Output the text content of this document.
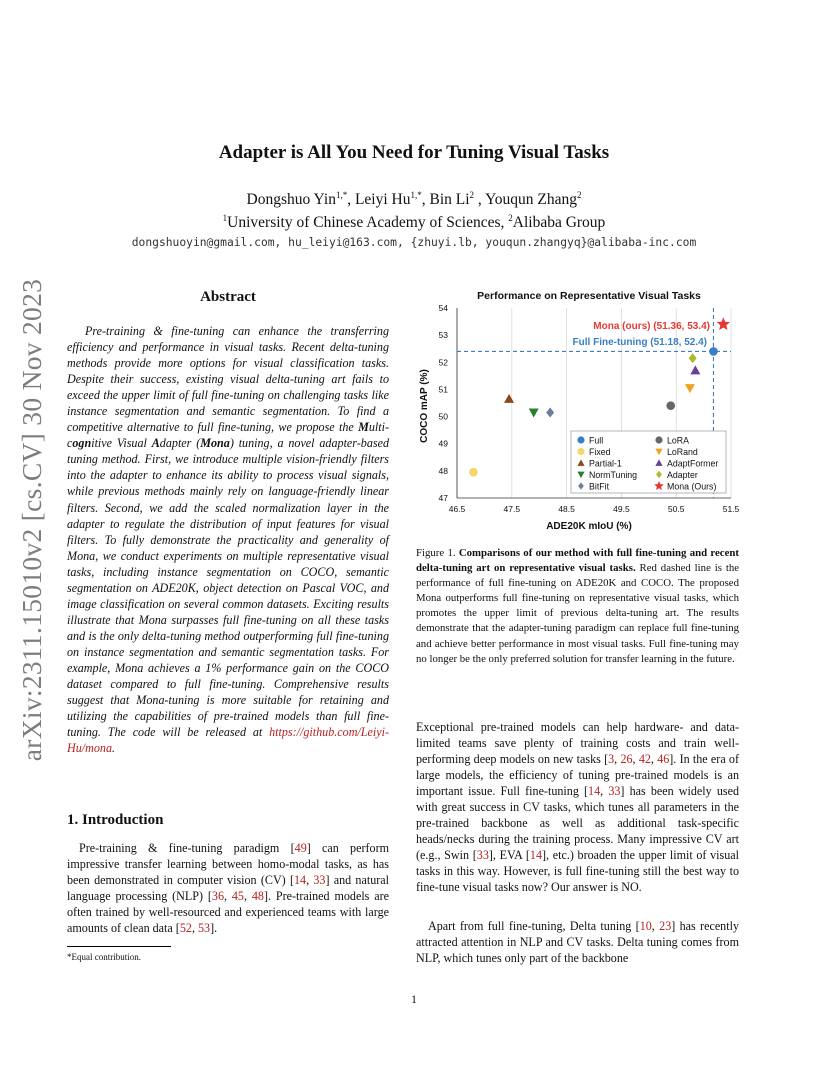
arXiv:2311.15010v2 [cs.CV] 30 Nov 2023
Adapter is All You Need for Tuning Visual Tasks
Dongshuo Yin$^{1,*}$, Leiyi $Hu^{1,*}$, Bin Li$^2$ , Youqun Zhang$^2$
$^1$University of Chinese Academy of Sciences, $^2$Alibaba Group
dongshuoyin@gmail.com, hu_leiyi@163.com, {zhuyi.lb, youqun.zhangyq}@alibaba-inc.com
Abstract
Pre-training & fine-tuning can enhance the transferring efficiency and performance in visual tasks. Recent delta-tuning methods provide more options for visual classification tasks. Despite their success, existing visual delta-tuning art fails to exceed the upper limit of full fine-tuning on challenging tasks like instance segmentation and semantic segmentation. To find a competitive alternative to full fine-tuning, we propose the Multi-cognitive Visual Adapter (Mona) tuning, a novel adapter-based tuning method. First, we introduce multiple vision-friendly filters into the adapter to enhance its ability to process visual signals, while previous methods mainly rely on language-friendly linear filters. Second, we add the scaled normalization layer in the adapter to regulate the distribution of input features for visual filters. To fully demonstrate the practicality and generality of Mona, we conduct experiments on multiple representative visual tasks, including instance segmentation on COCO, semantic segmentation on ADE20K, object detection on Pascal VOC, and image classification on several common datasets. Exciting results illustrate that Mona surpasses full fine-tuning on all these tasks and is the only delta-tuning method outperforming full fine-tuning on instance segmentation and semantic segmentation tasks. For example, Mona achieves a 1% performance gain on the COCO dataset compared to full fine-tuning. Comprehensive results suggest that Mona-tuning is more suitable for retaining and utilizing the capabilities of pre-trained models than full fine-tuning. The code will be released at https://github.com/Leiyi-Hu/mona.
1. Introduction
Pre-training & fine-tuning paradigm [49] can perform impressive transfer learning between homo-modal tasks, as has been demonstrated in computer vision (CV) [14, 33] and natural language processing (NLP) [36, 45, 48]. Pre-trained models are often trained by well-resourced and experienced teams with large amounts of clean data [52, 53].
*Equal contribution.
Performance on Representative Visual Tasks
46.5	47.5	48.5	49.5	50.5	51.5
47
48
49
50
51
52
53
54
Mona (ours) (51.36, 53.4)
Full Fine-tuning (51.18, 52.4)
Full
Fixed
Partial-1
NormTuning
BitFit
LoRA
LoRand
AdaptFormer
Adapter
Mona (Ours)
ADE20K mIoU (%)
COCO mAP (%)
Figure 1. Comparisons of our method with full fine-tuning and recent delta-tuning art on representative visual tasks. Red dashed line is the performance of full fine-tuning on ADE20K and COCO. The proposed Mona outperforms full fine-tuning on representative visual tasks, which promotes the upper limit of previous delta-tuning art. The results demonstrate that the adapter-tuning paradigm can replace full fine-tuning and achieve better performance in most visual tasks. Full fine-tuning may no longer be the only preferred solution for transfer learning in the future.
Exceptional pre-trained models can help hardware- and data-limited teams save plenty of training costs and train well-performing deep models on new tasks [3, 26, 42, 46]. In the era of large models, the efficiency of tuning pre-trained models is an important issue. Full fine-tuning [14, 33] has been widely used with great success in CV tasks, which tunes all parameters in the pre-trained backbone as well as additional task-specific heads/necks during the training process. Many impressive CV art (e.g., Swin [33], EVA [14], etc.) broaden the upper limit of visual tasks in this way. However, is full fine-tuning still the best way to fine-tune visual tasks now? Our answer is NO.
Apart from full fine-tuning, Delta tuning [10, 23] has recently attracted attention in NLP and CV tasks. Delta tuning comes from NLP, which tunes only part of the backbone
1
